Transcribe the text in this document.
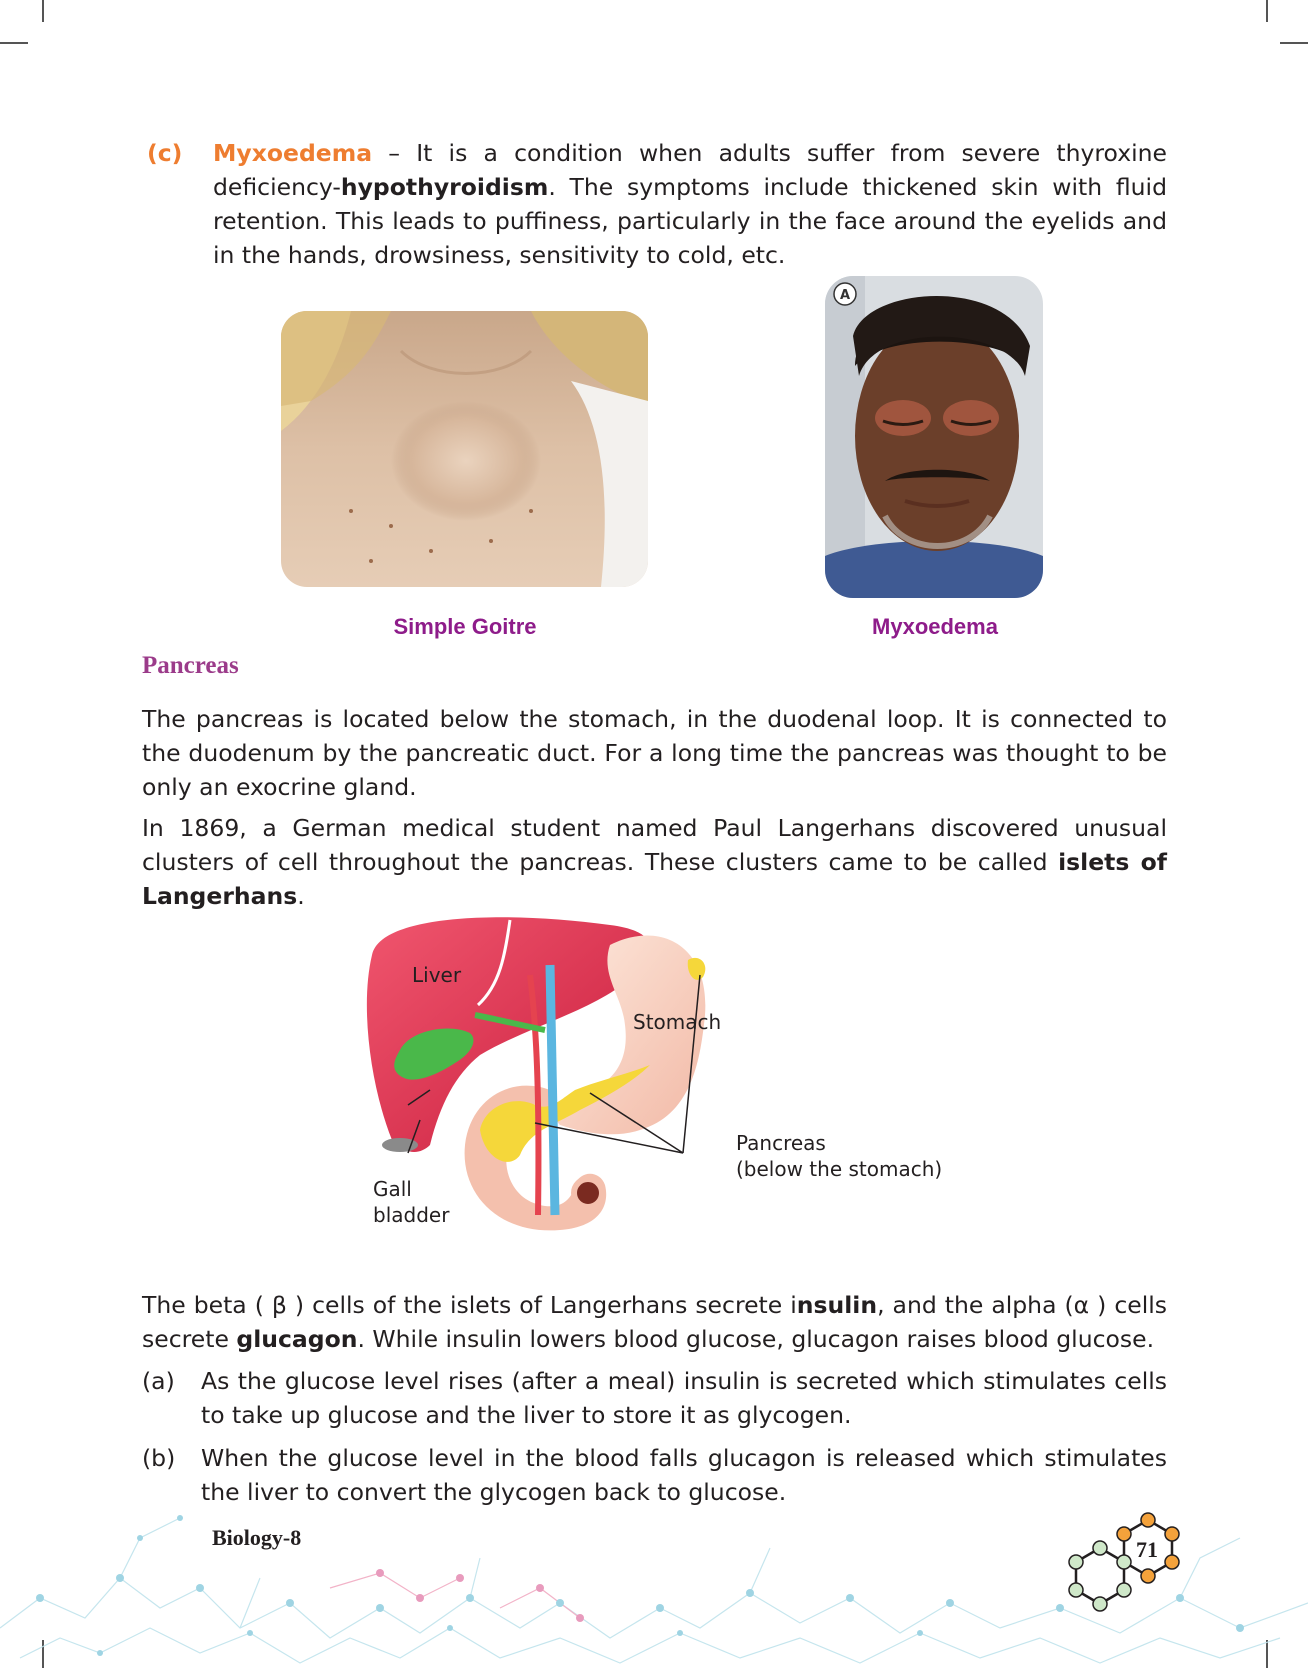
(c) Myxoedema – It is a condition when adults suffer from severe thyroxine deficiency-hypothyroidism. The symptoms include thickened skin with fluid retention. This leads to puffiness, particularly in the face around the eyelids and in the hands, drowsiness, sensitivity to cold, etc.
A
Simple Goitre	Myxoedema
Pancreas

The pancreas is located below the stomach, in the duodenal loop. It is connected to the duodenum by the pancreatic duct. For a long time the pancreas was thought to be only an exocrine gland.

In 1869, a German medical student named Paul Langerhans discovered unusual clusters of cell throughout the pancreas. These clusters came to be called islets of Langerhans.

Liver
Stomach
Pancreas
(below the stomach)
Gall
bladder

The beta ( β ) cells of the islets of Langerhans secrete insulin, and the alpha (α ) cells secrete glucagon. While insulin lowers blood glucose, glucagon raises blood glucose.

(a) As the glucose level rises (after a meal) insulin is secreted which stimulates cells to take up glucose and the liver to store it as glycogen.
(b) When the glucose level in the blood falls glucagon is released which stimulates the liver to convert the glycogen back to glucose.
Biology-8	71
